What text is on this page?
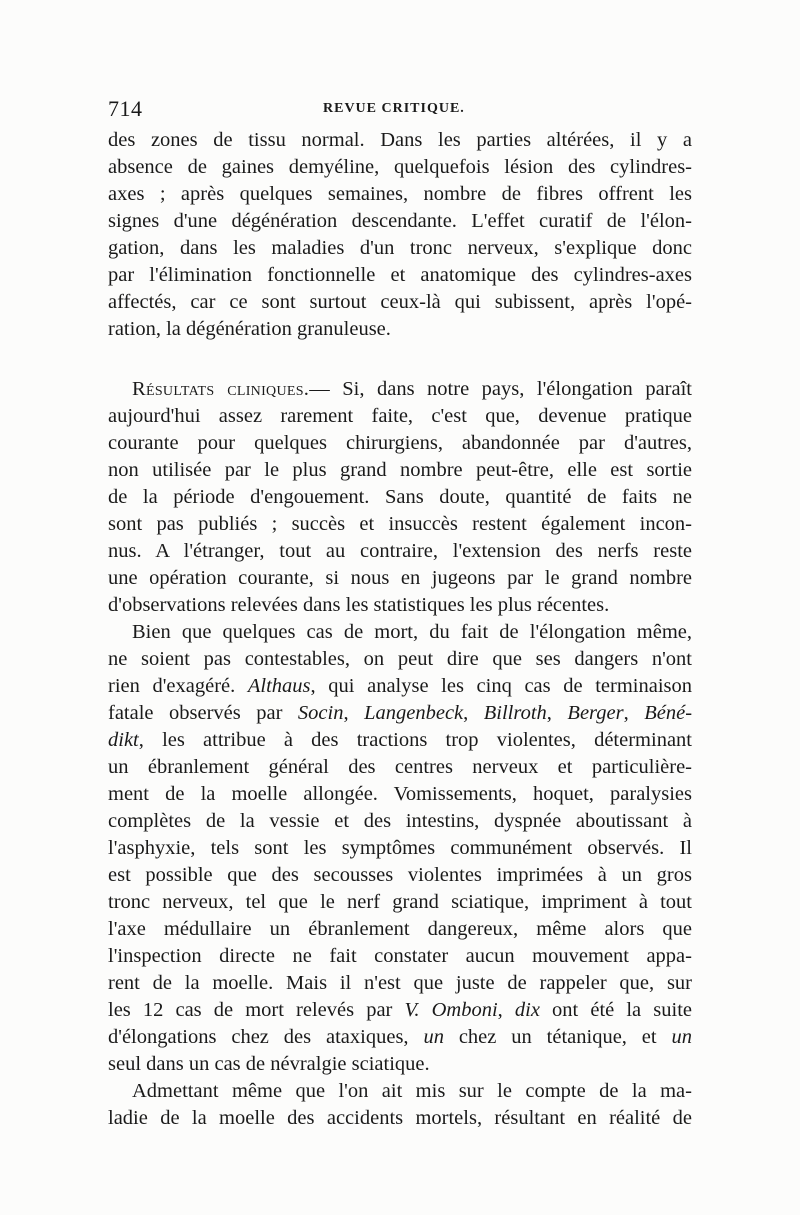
714	REVUE CRITIQUE.
des zones de tissu normal. Dans les parties altérées, il y a
absence de gaines demyéline, quelquefois lésion des cylindres-
axes ; après quelques semaines, nombre de fibres offrent les
signes d'une dégénération descendante. L'effet curatif de l'élon-
gation, dans les maladies d'un tronc nerveux, s'explique donc
par l'élimination fonctionnelle et anatomique des cylindres-axes
affectés, car ce sont surtout ceux-là qui subissent, après l'opé-
ration, la dégénération granuleuse.
Résultats cliniques.— Si, dans notre pays, l'élongation paraît
aujourd'hui assez rarement faite, c'est que, devenue pratique
courante pour quelques chirurgiens, abandonnée par d'autres,
non utilisée par le plus grand nombre peut-être, elle est sortie
de la période d'engouement. Sans doute, quantité de faits ne
sont pas publiés ; succès et insuccès restent également incon-
nus. A l'étranger, tout au contraire, l'extension des nerfs reste
une opération courante, si nous en jugeons par le grand nombre
d'observations relevées dans les statistiques les plus récentes.
Bien que quelques cas de mort, du fait de l'élongation même,
ne soient pas contestables, on peut dire que ses dangers n'ont
rien d'exagéré. Althaus, qui analyse les cinq cas de terminaison
fatale observés par Socin, Langenbeck, Billroth, Berger, Béné-
dikt, les attribue à des tractions trop violentes, déterminant
un ébranlement général des centres nerveux et particulière-
ment de la moelle allongée. Vomissements, hoquet, paralysies
complètes de la vessie et des intestins, dyspnée aboutissant à
l'asphyxie, tels sont les symptômes communément observés. Il
est possible que des secousses violentes imprimées à un gros
tronc nerveux, tel que le nerf grand sciatique, impriment à tout
l'axe médullaire un ébranlement dangereux, même alors que
l'inspection directe ne fait constater aucun mouvement appa-
rent de la moelle. Mais il n'est que juste de rappeler que, sur
les 12 cas de mort relevés par V. Omboni, dix ont été la suite
d'élongations chez des ataxiques, un chez un tétanique, et un
seul dans un cas de névralgie sciatique.
Admettant même que l'on ait mis sur le compte de la ma-
ladie de la moelle des accidents mortels, résultant en réalité de
